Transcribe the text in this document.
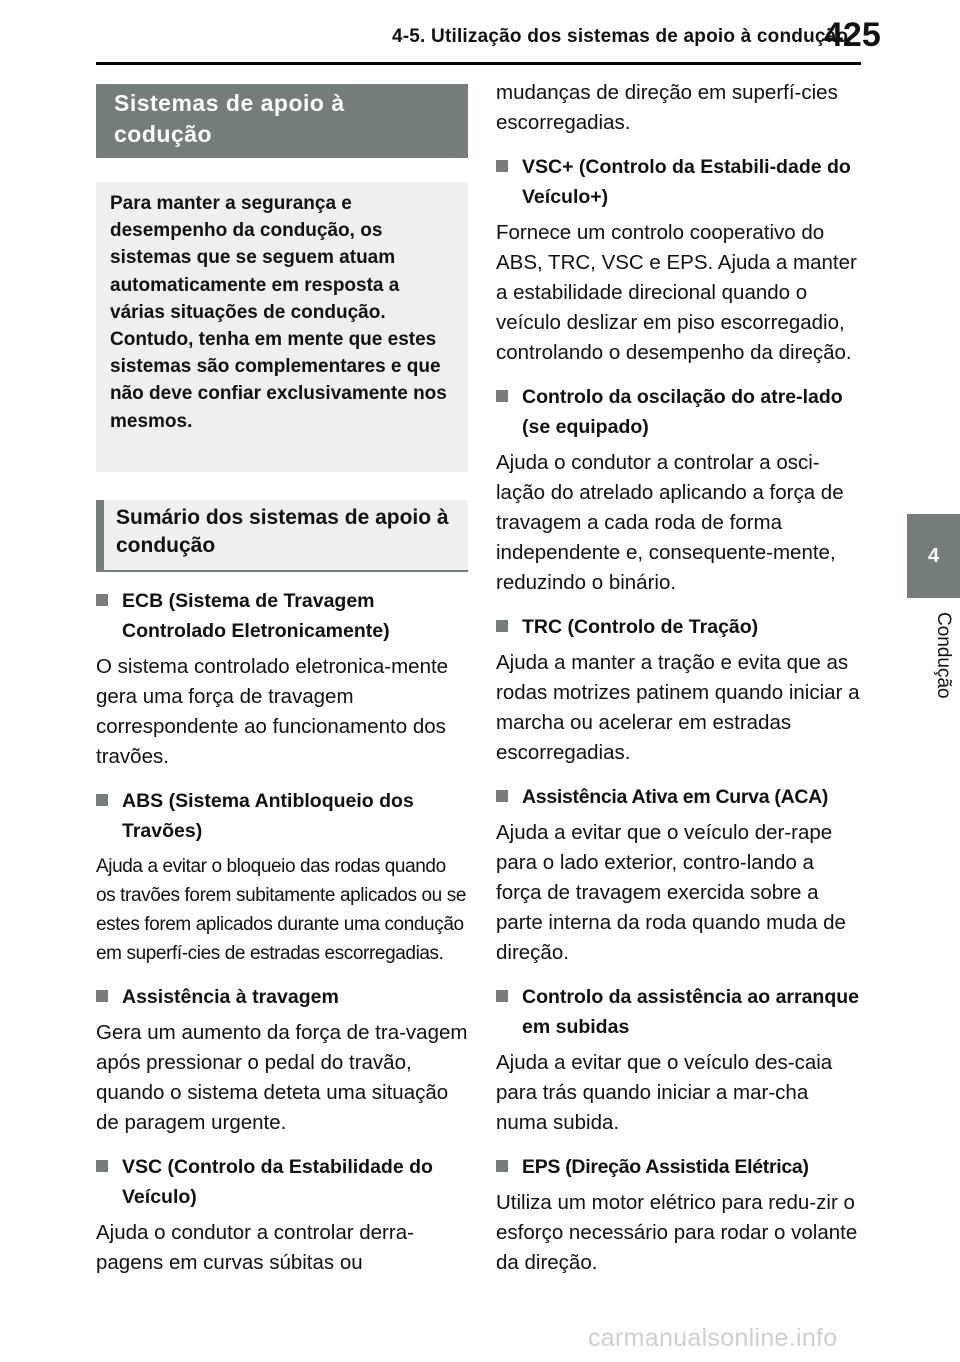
4-5. Utilização dos sistemas de apoio à condução
425
4
Condução
Sistemas de apoio à
codução
Para manter a segurança e desempenho da condução, os sistemas que se seguem atuam automaticamente em resposta a várias situações de condução. Contudo, tenha em mente que estes sistemas são complementares e que não deve confiar exclusivamente nos mesmos.
Sumário dos sistemas de apoio à condução
ECB (Sistema de Travagem Controlado Eletronicamente)
O sistema controlado eletronica-mente gera uma força de travagem correspondente ao funcionamento dos travões.
ABS (Sistema Antibloqueio dos Travões)
Ajuda a evitar o bloqueio das rodas quando os travões forem subitamente aplicados ou se estes forem aplicados durante uma condução em superfí-cies de estradas escorregadias.
Assistência à travagem
Gera um aumento da força de tra-vagem após pressionar o pedal do travão, quando o sistema deteta uma situação de paragem urgente.
VSC (Controlo da Estabilidade do Veículo)
Ajuda o condutor a controlar derra-pagens em curvas súbitas ou
mudanças de direção em superfí-cies escorregadias.
VSC+ (Controlo da Estabili-dade do Veículo+)
Fornece um controlo cooperativo do ABS, TRC, VSC e EPS. Ajuda a manter a estabilidade direcional quando o veículo deslizar em piso escorregadio, controlando o desempenho da direção.
Controlo da oscilação do atre-lado (se equipado)
Ajuda o condutor a controlar a osci-lação do atrelado aplicando a força de travagem a cada roda de forma independente e, consequente-mente, reduzindo o binário.
TRC (Controlo de Tração)
Ajuda a manter a tração e evita que as rodas motrizes patinem quando iniciar a marcha ou acelerar em estradas escorregadias.
Assistência Ativa em Curva (ACA)
Ajuda a evitar que o veículo der-rape para o lado exterior, contro-lando a força de travagem exercida sobre a parte interna da roda quando muda de direção.
Controlo da assistência ao arranque em subidas
Ajuda a evitar que o veículo des-caia para trás quando iniciar a mar-cha numa subida.
EPS (Direção Assistida Elétrica)
Utiliza um motor elétrico para redu-zir o esforço necessário para rodar o volante da direção.
carmanualsonline.info
